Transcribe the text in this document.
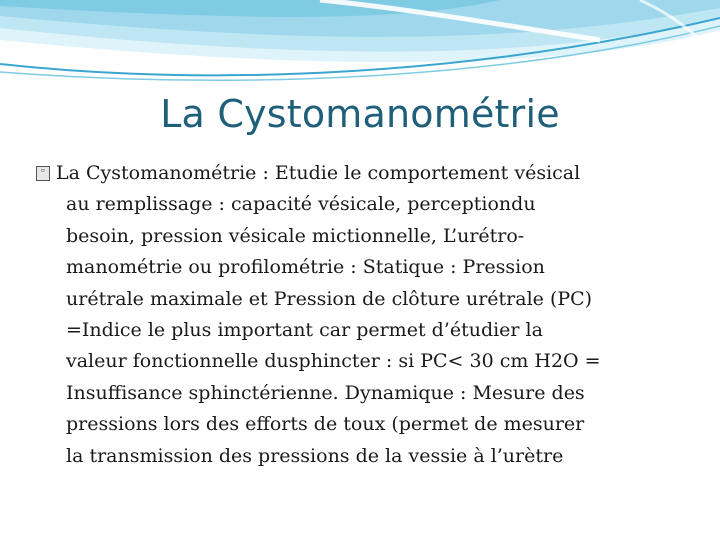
La Cystomanométrie
▫ La Cystomanométrie : Etudie le comportement vésical
au remplissage : capacité vésicale, perceptiondu
besoin, pression vésicale mictionnelle, L’urétro-
manométrie ou profilométrie : Statique : Pression
urétrale maximale et Pression de clôture urétrale (PC)
=Indice le plus important car permet d’étudier la
valeur fonctionnelle dusphincter : si PC< 30 cm H2O =
Insuffisance sphinctérienne. Dynamique : Mesure des
pressions lors des efforts de toux (permet de mesurer
la transmission des pressions de la vessie à l’urètre
